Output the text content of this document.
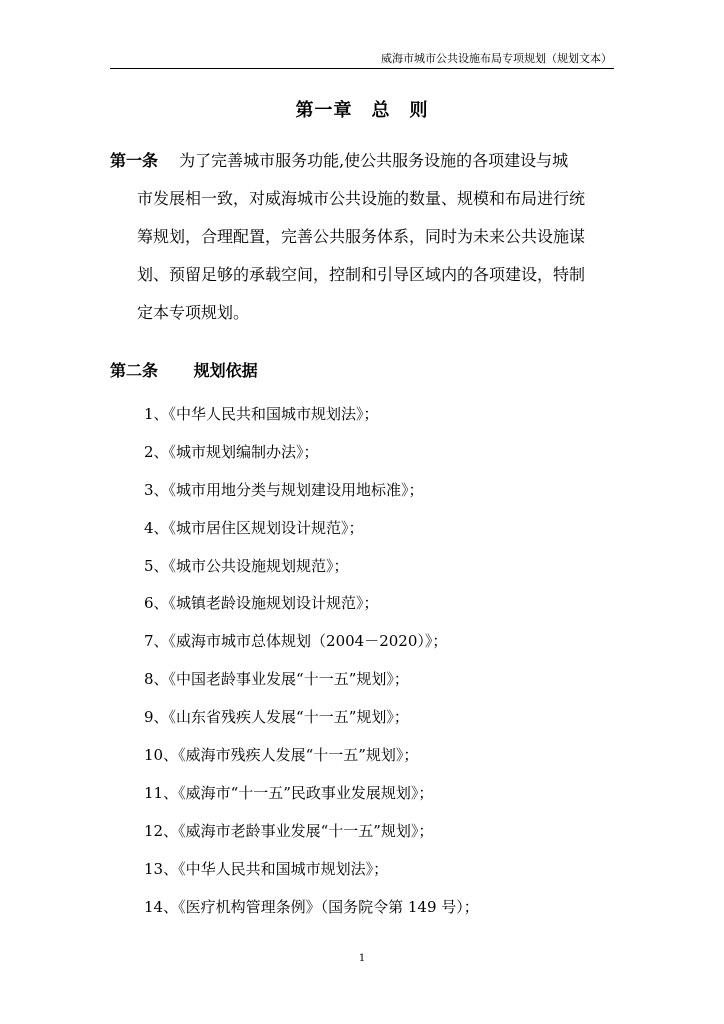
威海市城市公共设施布局专项规划（规划文本）
第一章　总　则
第一条 为了完善城市服务功能,使公共服务设施的各项建设与城
市发展相一致，对威海城市公共设施的数量、规模和布局进行统
筹规划，合理配置，完善公共服务体系，同时为未来公共设施谋
划、预留足够的承载空间，控制和引导区域内的各项建设，特制
定本专项规划。
第二条 规划依据
1、《中华人民共和国城市规划法》；
2、《城市规划编制办法》；
3、《城市用地分类与规划建设用地标准》；
4、《城市居住区规划设计规范》；
5、《城市公共设施规划规范》；
6、《城镇老龄设施规划设计规范》；
7、《威海市城市总体规划（2004－2020）》；
8、《中国老龄事业发展“十一五”规划》；
9、《山东省残疾人发展“十一五”规划》；
10、《威海市残疾人发展“十一五”规划》；
11、《威海市“十一五”民政事业发展规划》；
12、《威海市老龄事业发展“十一五”规划》；
13、《中华人民共和国城市规划法》；
14、《医疗机构管理条例》（国务院令第 149 号）；
1
